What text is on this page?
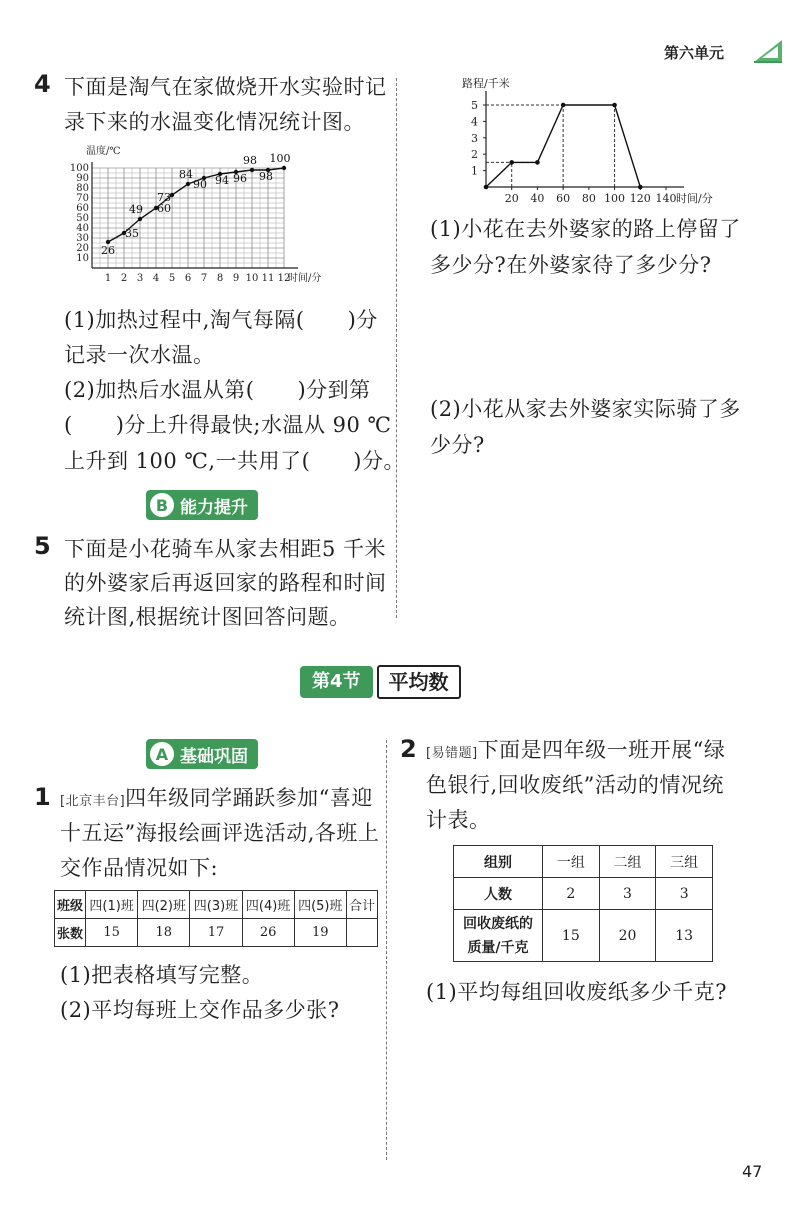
第六单元
4 下面是淘气在家做烧开水实验时记
录下来的水温变化情况统计图。
1 2 3 4 5 6 7 8 9 10 11 12
10
20
30
40
50
60
70
80
90
100
温度/℃
时间/分
26
35
49 60
73
84
90 94 96
98
98
100
(1)加热过程中,淘气每隔(　　)分
记录一次水温。
(2)加热后水温从第(　　)分到第
(　　)分上升得最快;水温从 90 ℃
上升到 100 ℃,一共用了(　　)分。
B 能力提升
5 下面是小花骑车从家去相距5 千米
的外婆家后再返回家的路程和时间
统计图,根据统计图回答问题。
路程/千米
时间/分
1
2
3
4
5
20 40 60 80 100 120 140
(1)小花在去外婆家的路上停留了
多少分?在外婆家待了多少分?
(2)小花从家去外婆家实际骑了多
少分?
第4节	平均数
A 基础巩固
1 [北京丰台]四年级同学踊跃参加“喜迎
十五运”海报绘画评选活动,各班上
交作品情况如下:
班级	四(1)班	四(2)班	四(3)班	四(4)班	四(5)班	合计
张数	15	18	17	26	19	
(1)把表格填写完整。
(2)平均每班上交作品多少张?
2 [易错题]下面是四年级一班开展“绿
色银行,回收废纸”活动的情况统
计表。
组别	一组	二组	三组
人数	2	3	3

回收废纸的
质量/千克	15	20	13
(1)平均每组回收废纸多少千克?
47
